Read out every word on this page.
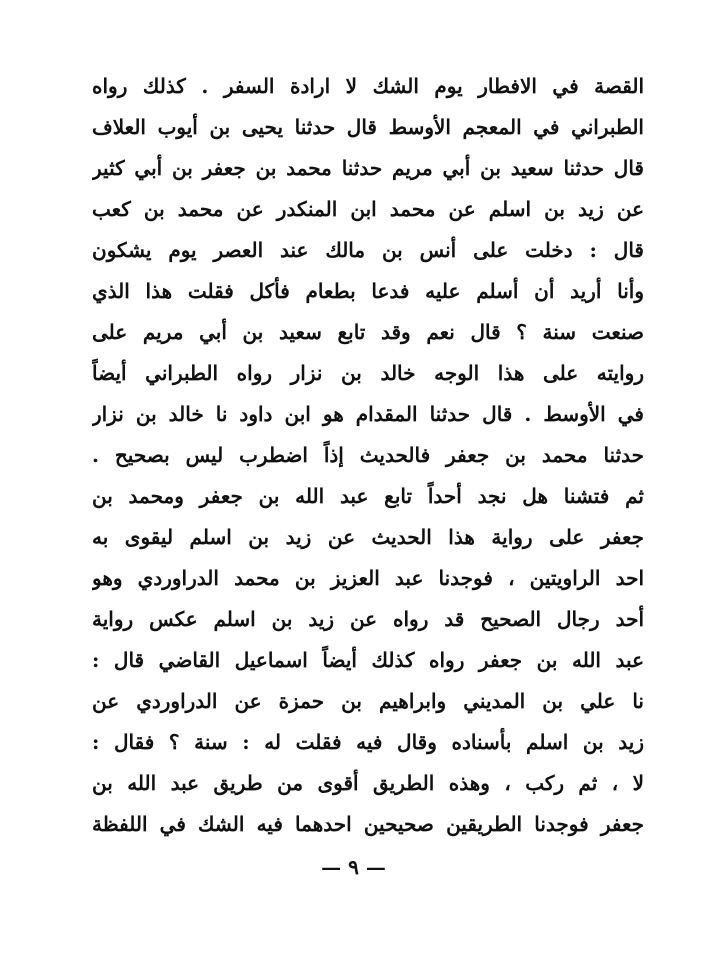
القصة في الافطار يوم الشك لا ارادة السفر . كذلك رواه
الطبراني في المعجم الأوسط قال حدثنا يحيى بن أيوب العلاف
قال حدثنا سعيد بن أبي مريم حدثنا محمد بن جعفر بن أبي كثير
عن زيد بن اسلم عن محمد ابن المنكدر عن محمد بن كعب
قال : دخلت على أنس بن مالك عند العصر يوم يشكون
وأنا أريد أن أسلم عليه فدعا بطعام فأكل فقلت هذا الذي
صنعت سنة ؟ قال نعم وقد تابع سعيد بن أبي مريم على
روايته على هذا الوجه خالد بن نزار رواه الطبراني أيضاً
في الأوسط . قال حدثنا المقدام هو ابن داود نا خالد بن نزار
حدثنا محمد بن جعفر فالحديث إذاً اضطرب ليس بصحيح .
ثم فتشنا هل نجد أحداً تابع عبد الله بن جعفر ومحمد بن
جعفر على رواية هذا الحديث عن زيد بن اسلم ليقوى به
احد الراويتين ، فوجدنا عبد العزيز بن محمد الدراوردي وهو
أحد رجال الصحيح قد رواه عن زيد بن اسلم عكس رواية
عبد الله بن جعفر رواه كذلك أيضاً اسماعيل القاضي قال :
نا علي بن المديني وابراهيم بن حمزة عن الدراوردي عن
زيد بن اسلم بأسناده وقال فيه فقلت له : سنة ؟ فقال :
لا ، ثم ركب ، وهذه الطريق أقوى من طريق عبد الله بن
جعفر فوجدنا الطريقين صحيحين احدهما فيه الشك في اللفظة
— ٩ —
